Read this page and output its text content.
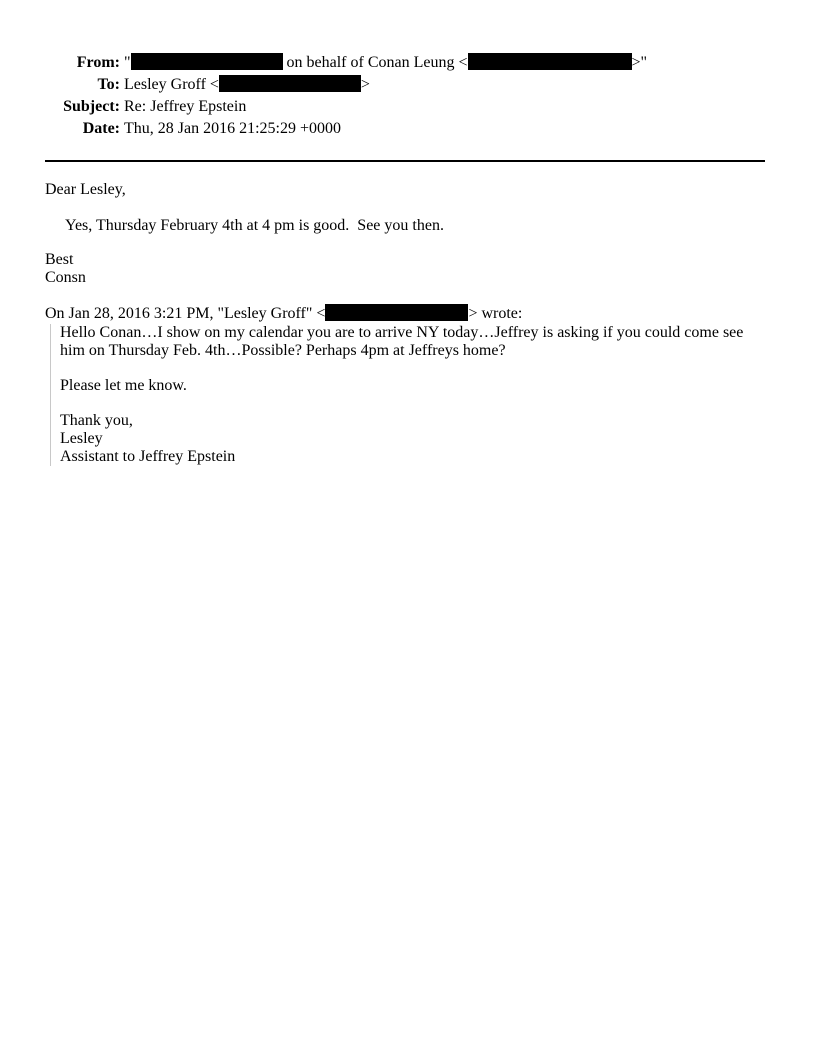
From:	" on behalf of Conan Leung < >"
To:	Lesley Groff < >
Subject:	Re: Jeffrey Epstein
Date:	Thu, 28 Jan 2016 21:25:29 +0000
Dear Lesley,
Yes, Thursday February 4th at 4 pm is good.  See you then.
Best
Consn
On Jan 28, 2016 3:21 PM, "Lesley Groff" <	> wrote:
Hello Conan…I show on my calendar you are to arrive NY today…Jeffrey is asking if you could come see him on Thursday Feb. 4th…Possible? Perhaps 4pm at Jeffreys home?
Please let me know.
Thank you,
Lesley
Assistant to Jeffrey Epstein
